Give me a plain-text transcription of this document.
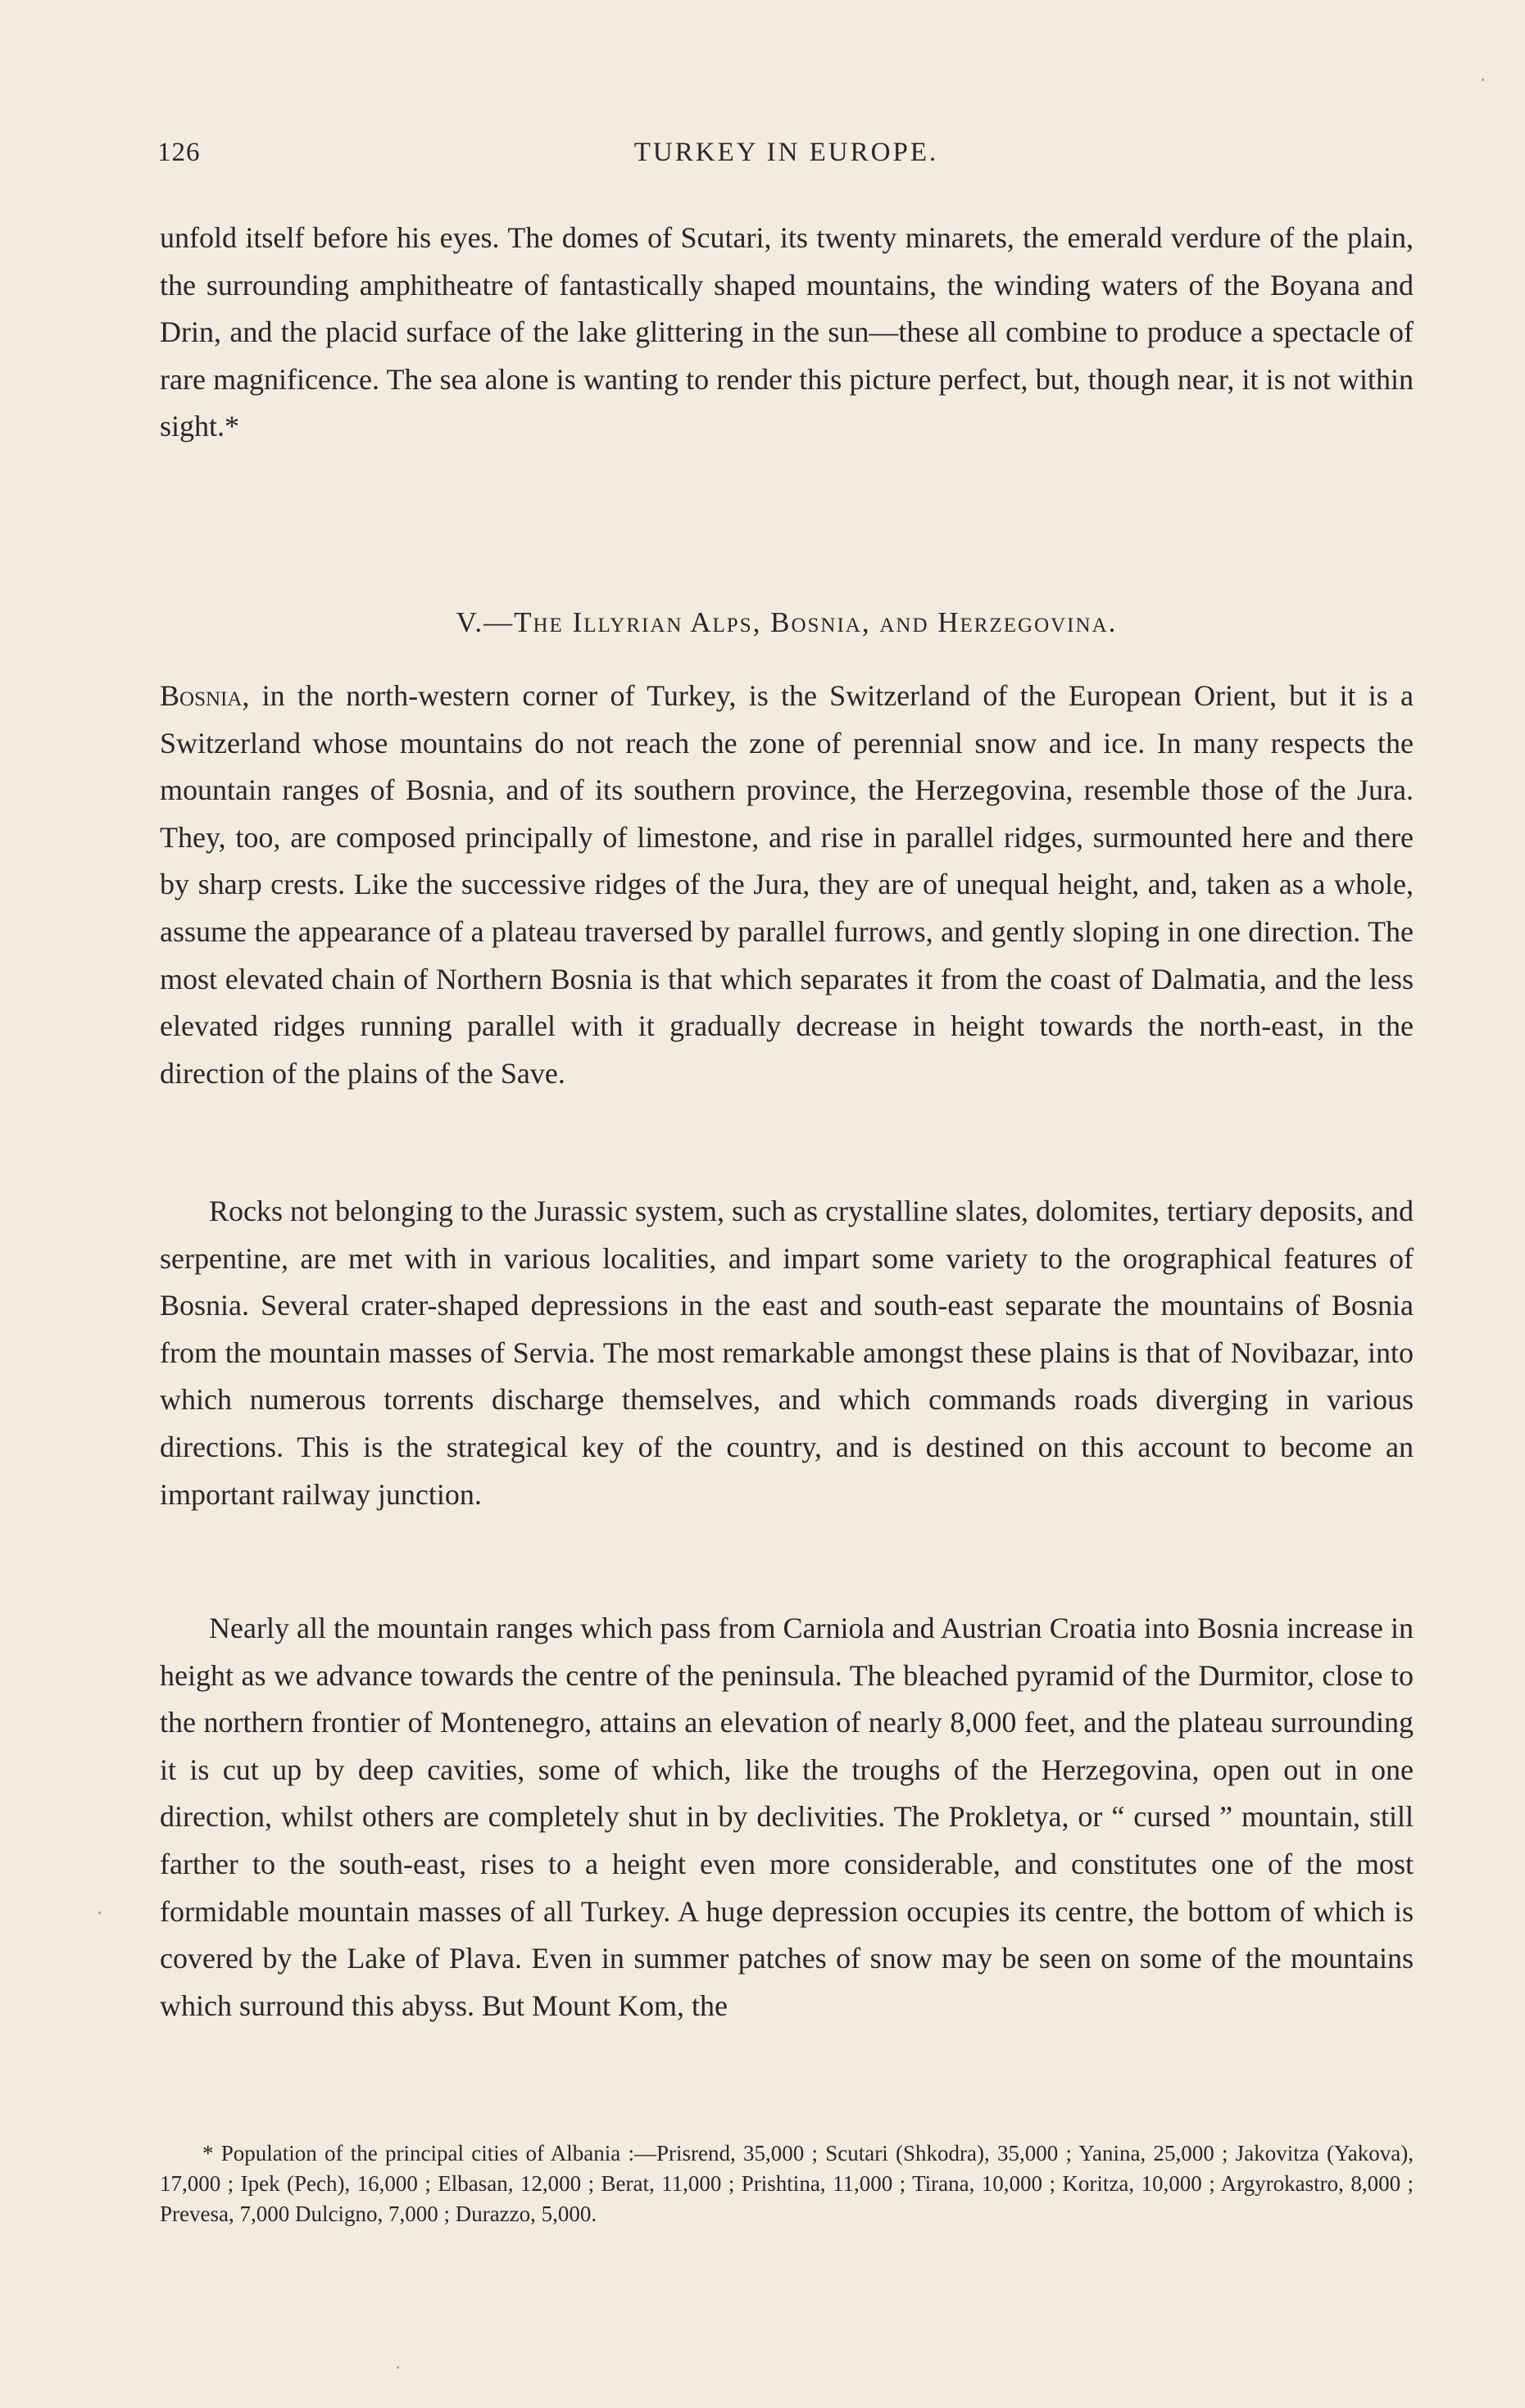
126	TURKEY IN EUROPE.

unfold itself before his eyes. The domes of Scutari, its twenty minarets, the emerald verdure of the plain, the surrounding amphitheatre of fantastically shaped mountains, the winding waters of the Boyana and Drin, and the placid surface of the lake glittering in the sun—these all combine to produce a spectacle of rare magnificence. The sea alone is wanting to render this picture perfect, but, though near, it is not within sight.*

V.—The Illyrian Alps, Bosnia, and Herzegovina.

Bosnia, in the north-western corner of Turkey, is the Switzerland of the European Orient, but it is a Switzerland whose mountains do not reach the zone of perennial snow and ice. In many respects the mountain ranges of Bosnia, and of its southern province, the Herzegovina, resemble those of the Jura. They, too, are composed principally of limestone, and rise in parallel ridges, surmounted here and there by sharp crests. Like the successive ridges of the Jura, they are of unequal height, and, taken as a whole, assume the appearance of a plateau traversed by parallel furrows, and gently sloping in one direction. The most elevated chain of Northern Bosnia is that which separates it from the coast of Dalmatia, and the less elevated ridges running parallel with it gradually decrease in height towards the north-east, in the direction of the plains of the Save.

Rocks not belonging to the Jurassic system, such as crystalline slates, dolomites, tertiary deposits, and serpentine, are met with in various localities, and impart some variety to the orographical features of Bosnia. Several crater-shaped depressions in the east and south-east separate the mountains of Bosnia from the mountain masses of Servia. The most remarkable amongst these plains is that of Novibazar, into which numerous torrents discharge themselves, and which commands roads diverging in various directions. This is the strategical key of the country, and is destined on this account to become an important railway junction.

Nearly all the mountain ranges which pass from Carniola and Austrian Croatia into Bosnia increase in height as we advance towards the centre of the peninsula. The bleached pyramid of the Durmitor, close to the northern frontier of Montenegro, attains an elevation of nearly 8,000 feet, and the plateau surrounding it is cut up by deep cavities, some of which, like the troughs of the Herzegovina, open out in one direction, whilst others are completely shut in by declivities. The Prokletya, or “ cursed ” mountain, still farther to the south-east, rises to a height even more considerable, and constitutes one of the most formidable mountain masses of all Turkey. A huge depression occupies its centre, the bottom of which is covered by the Lake of Plava. Even in summer patches of snow may be seen on some of the mountains which surround this abyss. But Mount Kom, the

* Population of the principal cities of Albania :—Prisrend, 35,000 ; Scutari (Shkodra), 35,000 ; Yanina, 25,000 ; Jakovitza (Yakova), 17,000 ; Ipek (Pech), 16,000 ; Elbasan, 12,000 ; Berat, 11,000 ; Prishtina, 11,000 ; Tirana, 10,000 ; Koritza, 10,000 ; Argyrokastro, 8,000 ; Prevesa, 7,000 Dulcigno, 7,000 ; Durazzo, 5,000.
